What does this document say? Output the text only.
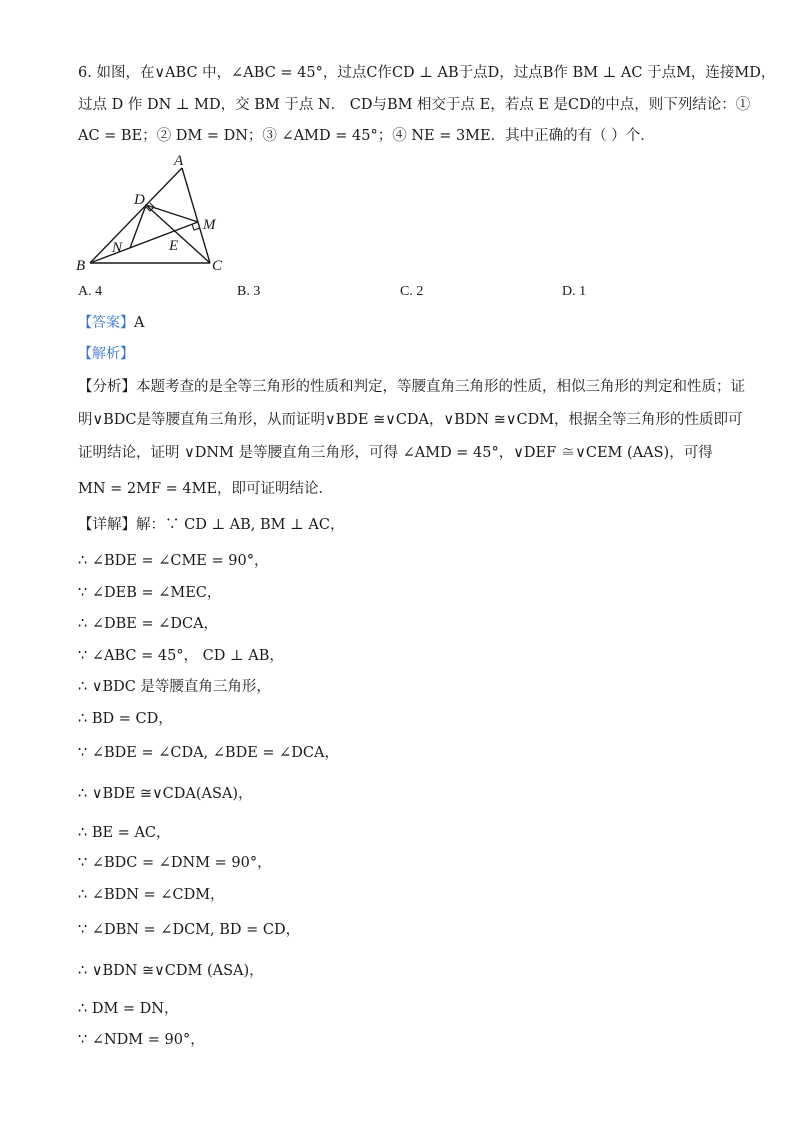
6. 如图，在∨ABC 中，∠ABC = 45°，过点C作CD ⊥ AB于点D，过点B作 BM ⊥ AC 于点M，连接MD，
过点 D 作 DN ⊥ MD，交 BM 于点 N． CD与BM 相交于点 E，若点 E 是CD的中点，则下列结论：①
AC = BE；② DM = DN；③ ∠AMD = 45°；④ NE = 3ME．其中正确的有（ ）个．
A
D
M
N	E
B	C
A. 4	B. 3	C. 2	D. 1
【答案】A
【解析】
【分析】本题考查的是全等三角形的性质和判定，等腰直角三角形的性质，相似三角形的判定和性质；证
明∨BDC是等腰直角三角形，从而证明∨BDE ≅∨CDA，∨BDN ≅∨CDM，根据全等三角形的性质即可
证明结论，证明 ∨DNM 是等腰直角三角形，可得 ∠AMD = 45°，∨DEF ≅∨CEM (AAS)，可得
MN = 2MF = 4ME，即可证明结论．
【详解】解：∵ CD ⊥ AB, BM ⊥ AC，
∴ ∠BDE = ∠CME = 90°，
∵ ∠DEB = ∠MEC，
∴ ∠DBE = ∠DCA，
∵ ∠ABC = 45°， CD ⊥ AB，
∴ ∨BDC 是等腰直角三角形，
∴ BD = CD，
∵ ∠BDE = ∠CDA, ∠BDE = ∠DCA，
∴ ∨BDE ≅∨CDA(ASA)，
∴ BE = AC，
∵ ∠BDC = ∠DNM = 90°，
∴ ∠BDN = ∠CDM，
∵ ∠DBN = ∠DCM, BD = CD，
∴ ∨BDN ≅∨CDM (ASA)，
∴ DM = DN，
∵ ∠NDM = 90°，
